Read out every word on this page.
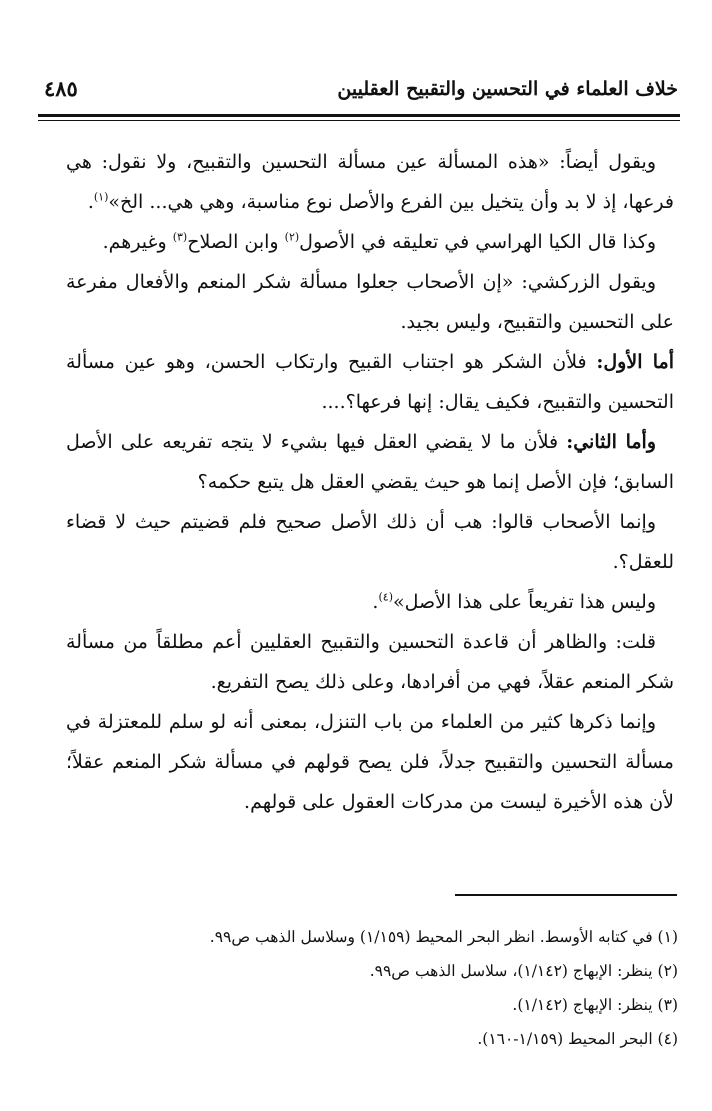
٤٨٥	خلاف العلماء في التحسين والتقبيح العقليين

ويقول أيضاً: «هذه المسألة عين مسألة التحسين والتقبيح، ولا نقول: هي فرعها، إذ لا بد وأن يتخيل بين الفرع والأصل نوع مناسبة، وهي هي... الخ»$^{(١)}$.

وكذا قال الكيا الهراسي في تعليقه في الأصول$^{(٢)}$ وابن الصلاح$^{(٣)}$ وغيرهم.

ويقول الزركشي: «إن الأصحاب جعلوا مسألة شكر المنعم والأفعال مفرعة على التحسين والتقبيح، وليس بجيد.

أما الأول: فلأن الشكر هو اجتناب القبيح وارتكاب الحسن، وهو عين مسألة التحسين والتقبيح، فكيف يقال: إنها فرعها؟....

وأما الثاني: فلأن ما لا يقضي العقل فيها بشيء لا يتجه تفريعه على الأصل السابق؛ فإن الأصل إنما هو حيث يقضي العقل هل يتبع حكمه؟

وإنما الأصحاب قالوا: هب أن ذلك الأصل صحيح فلم قضيتم حيث لا قضاء للعقل؟.

وليس هذا تفريعاً على هذا الأصل»$^{(٤)}$.

قلت: والظاهر أن قاعدة التحسين والتقبيح العقليين أعم مطلقاً من مسألة شكر المنعم عقلاً، فهي من أفرادها، وعلى ذلك يصح التفريع.

وإنما ذكرها كثير من العلماء من باب التنزل، بمعنى أنه لو سلم للمعتزلة في مسألة التحسين والتقبيح جدلاً، فلن يصح قولهم في مسألة شكر المنعم عقلاً؛ لأن هذه الأخيرة ليست من مدركات العقول على قولهم.

(١) في كتابه الأوسط. انظر البحر المحيط (١/١٥٩) وسلاسل الذهب ص٩٩.

(٢) ينظر: الإبهاج (١/١٤٢)، سلاسل الذهب ص٩٩.

(٣) ينظر: الإبهاج (١/١٤٢).

(٤) البحر المحيط (١/١٥٩-١٦٠).
